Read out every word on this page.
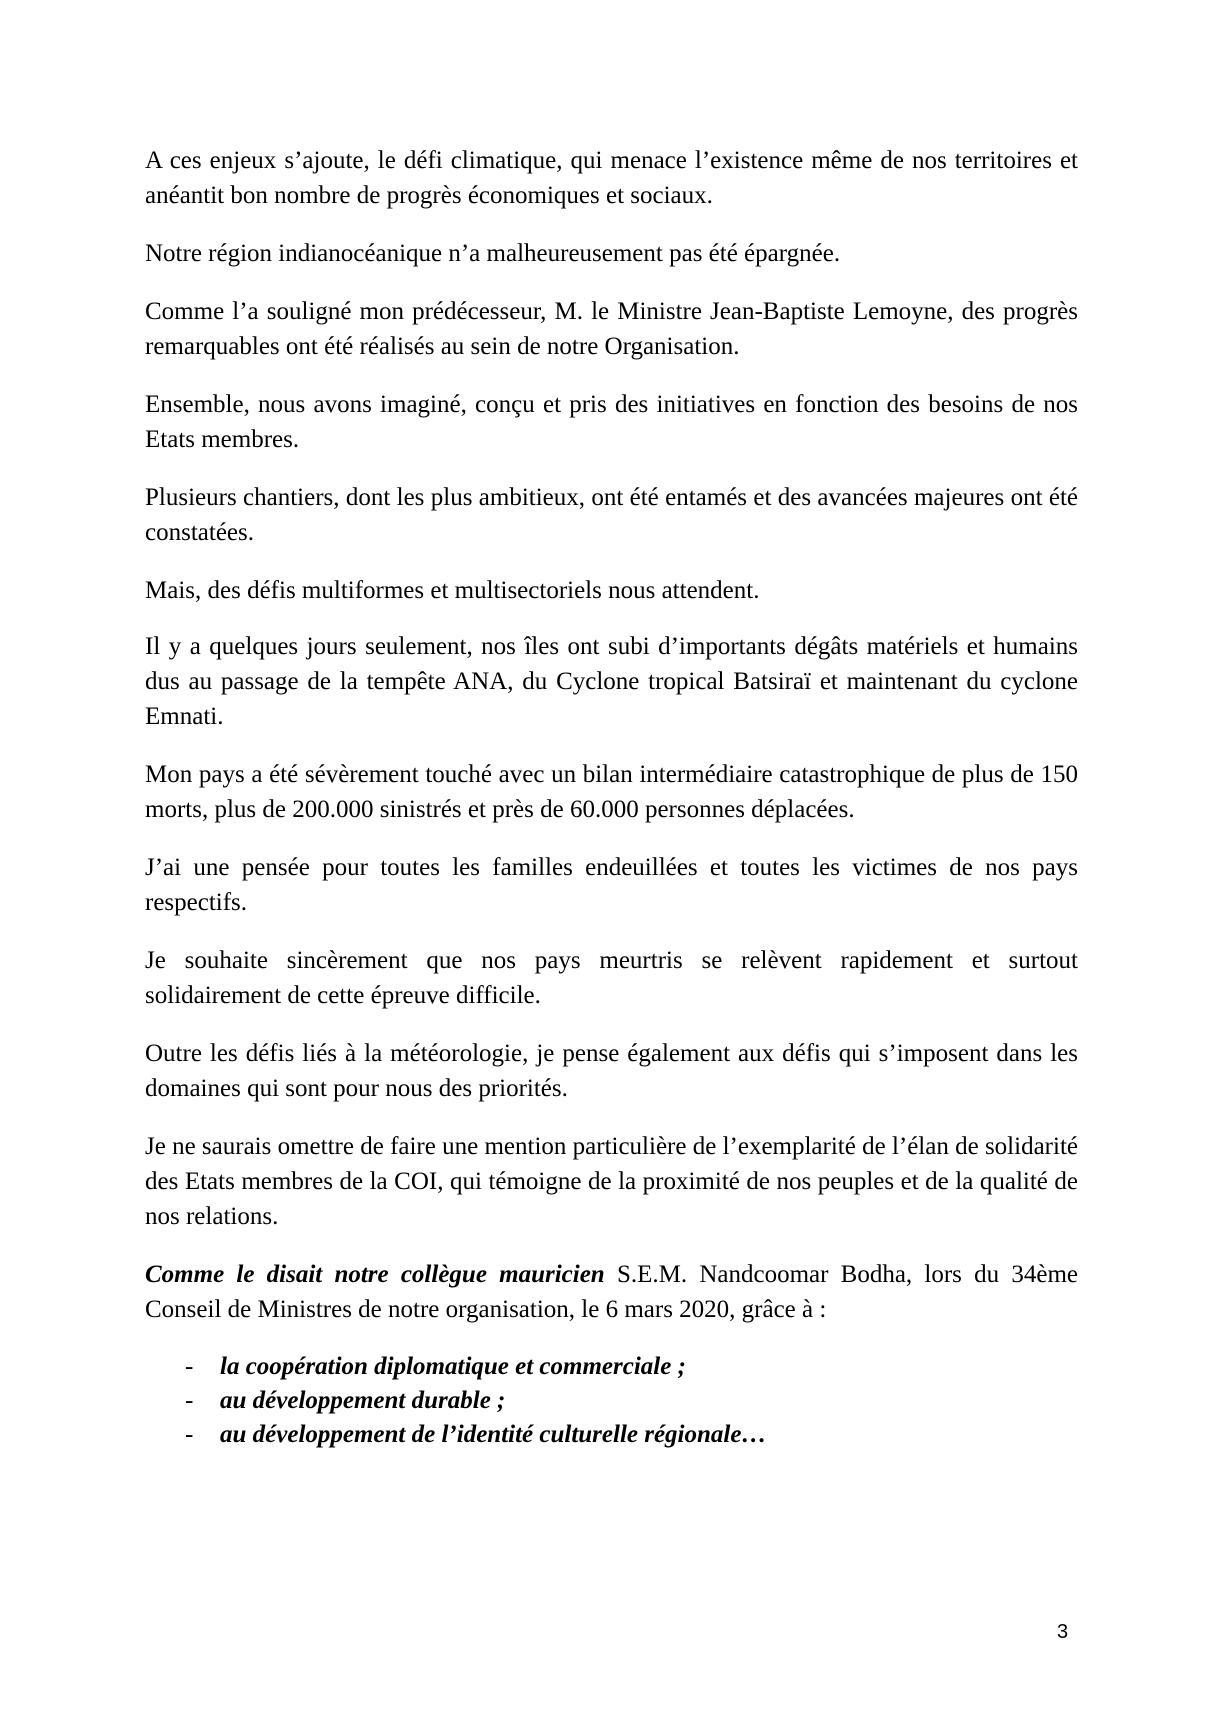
A ces enjeux s’ajoute, le défi climatique, qui menace l’existence même de nos territoires et anéantit bon nombre de progrès économiques et sociaux.

Notre région indianocéanique n’a malheureusement pas été épargnée.

Comme l’a souligné mon prédécesseur, M. le Ministre Jean-Baptiste Lemoyne, des progrès remarquables ont été réalisés au sein de notre Organisation.

Ensemble, nous avons imaginé, conçu et pris des initiatives en fonction des besoins de nos Etats membres.

Plusieurs chantiers, dont les plus ambitieux, ont été entamés et des avancées majeures ont été constatées.

Mais, des défis multiformes et multisectoriels nous attendent.

Il y a quelques jours seulement, nos îles ont subi d’importants dégâts matériels et humains dus au passage de la tempête ANA, du Cyclone tropical Batsiraï et maintenant du cyclone Emnati.

Mon pays a été sévèrement touché avec un bilan intermédiaire catastrophique de plus de 150 morts, plus de 200.000 sinistrés et près de 60.000 personnes déplacées.

J’ai une pensée pour toutes les familles endeuillées et toutes les victimes de nos pays respectifs.

Je souhaite sincèrement que nos pays meurtris se relèvent rapidement et surtout solidairement de cette épreuve difficile.

Outre les défis liés à la météorologie, je pense également aux défis qui s’imposent dans les domaines qui sont pour nous des priorités.

Je ne saurais omettre de faire une mention particulière de l’exemplarité de l’élan de solidarité des Etats membres de la COI, qui témoigne de la proximité de nos peuples et de la qualité de nos relations.

Comme le disait notre collègue mauricien S.E.M. Nandcoomar Bodha, lors du 34ème Conseil de Ministres de notre organisation, le 6 mars 2020, grâce à :

- la coopération diplomatique et commerciale ;
- au développement durable ;
- au développement de l’identité culturelle régionale…
3
